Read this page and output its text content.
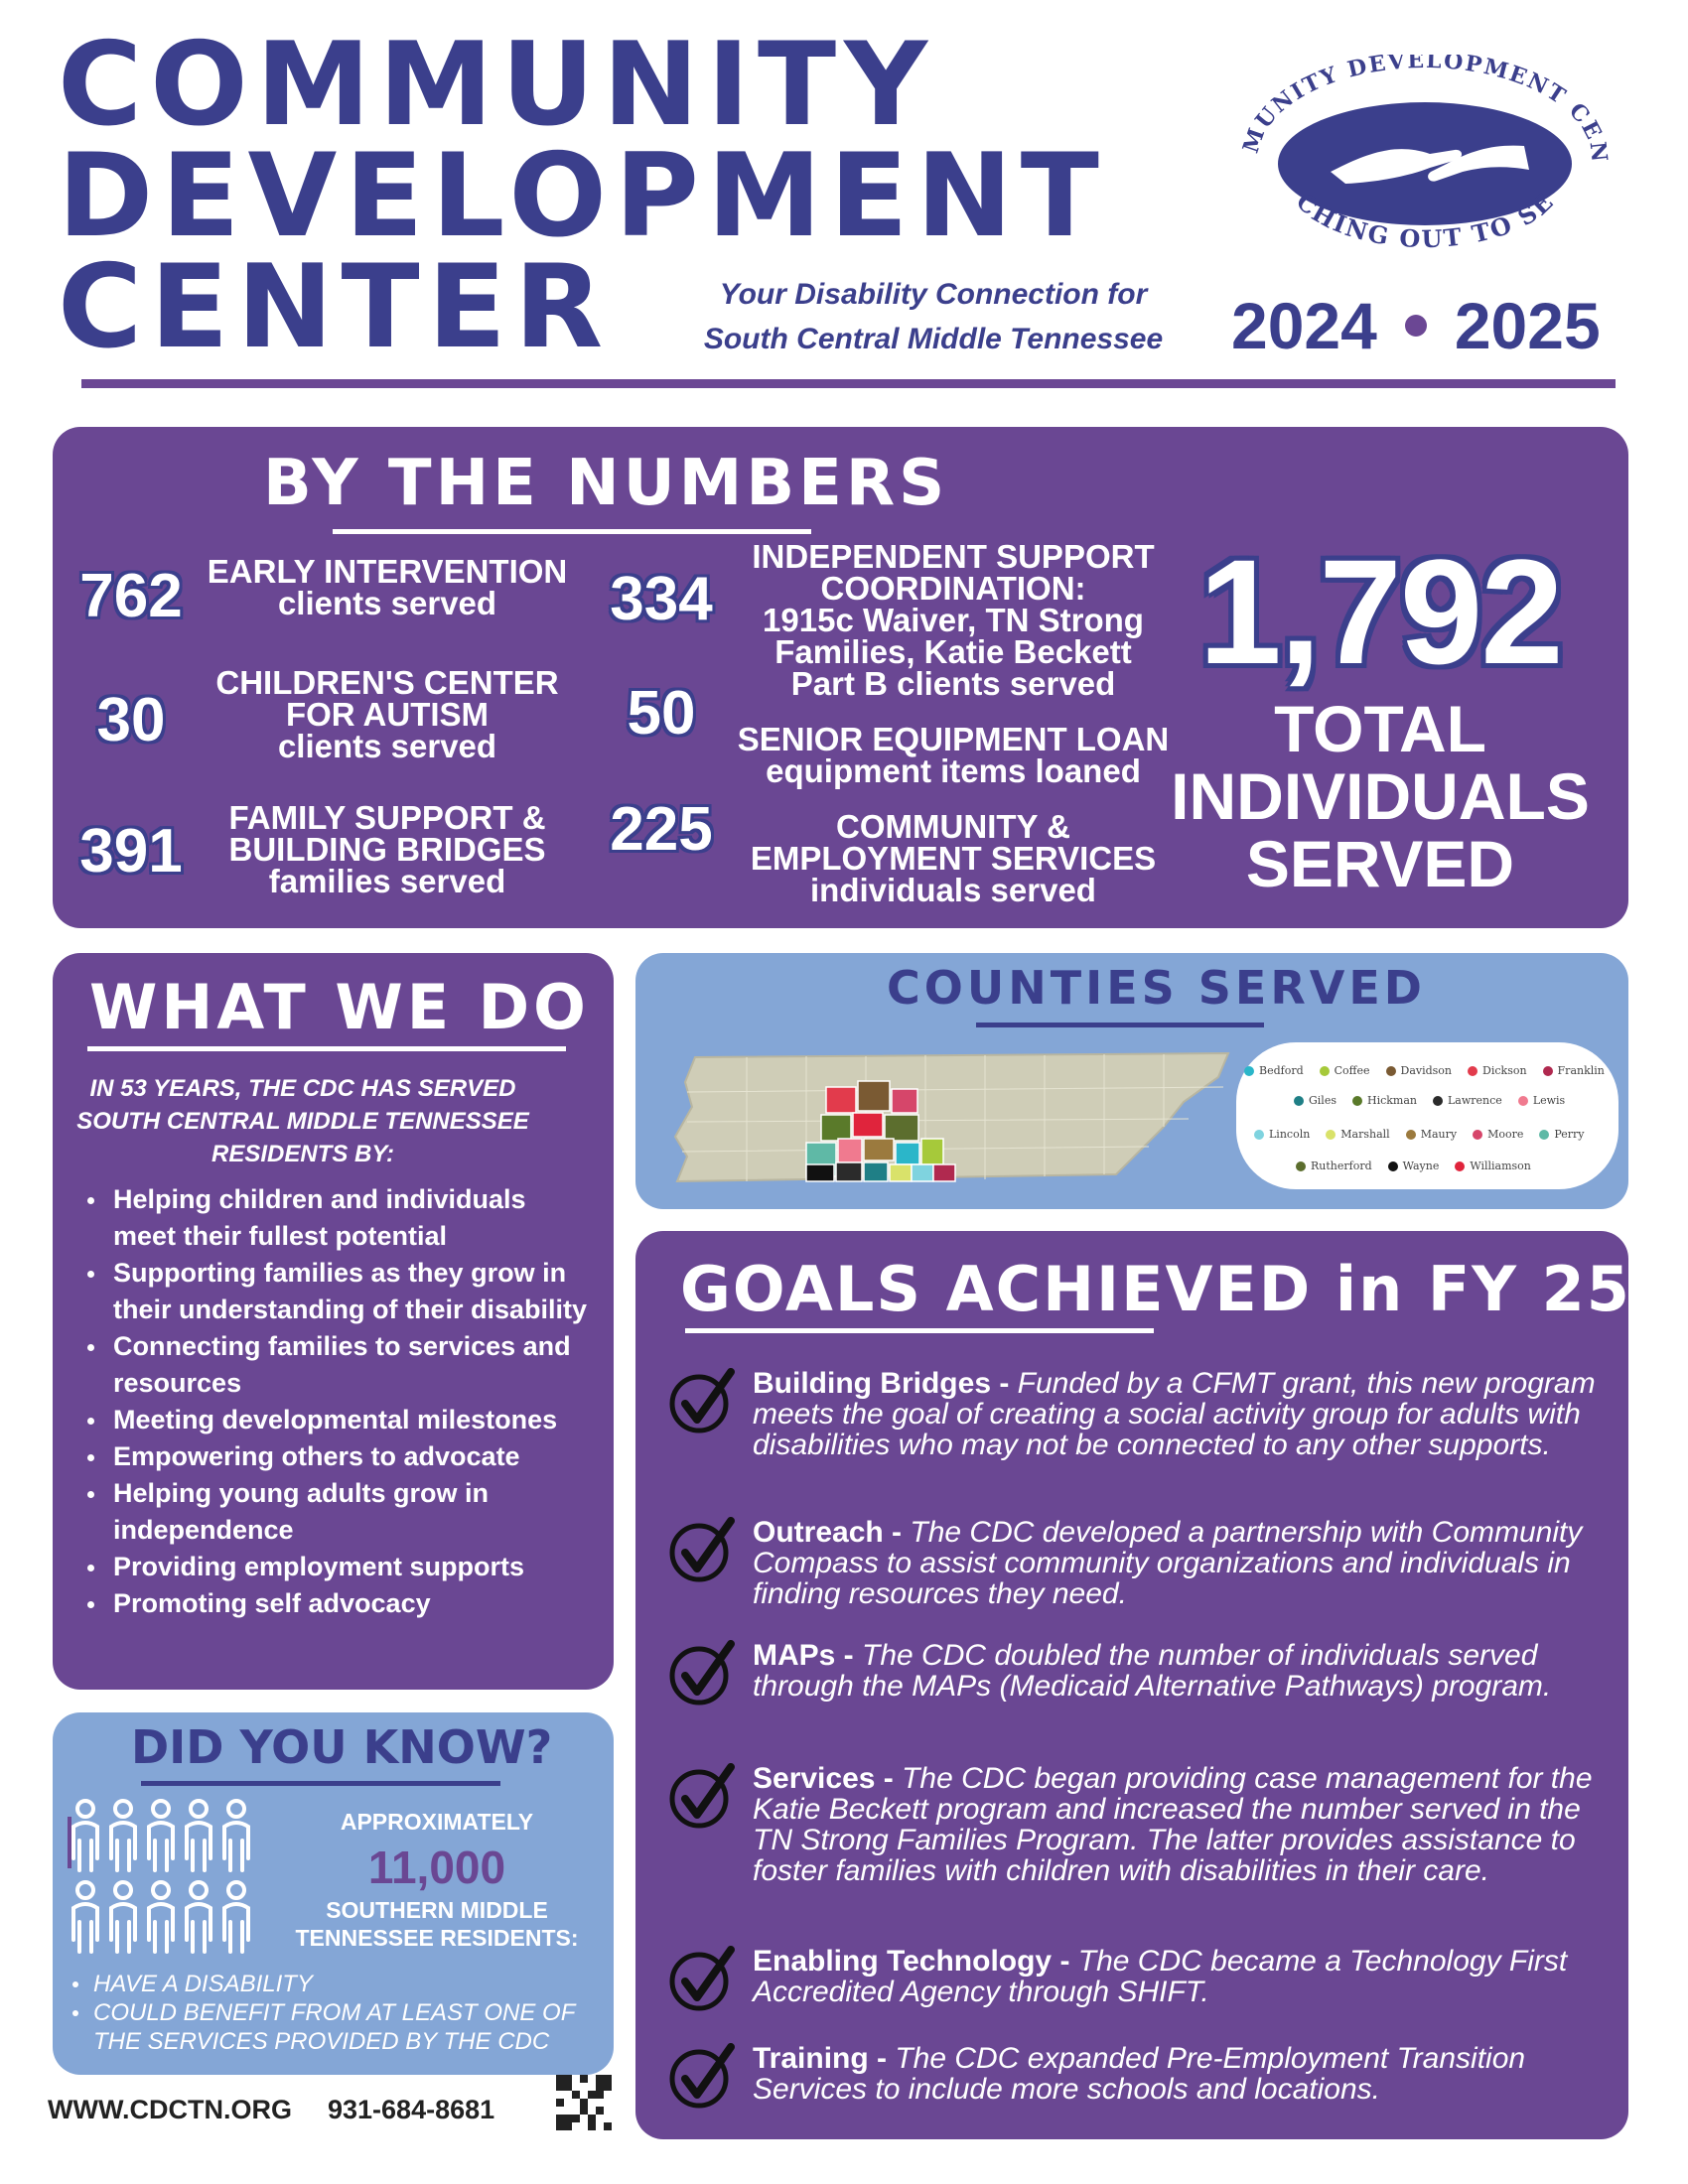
COMMUNITY
DEVELOPMENT
CENTER	Your Disability Connection for
South Central Middle Tennessee
MUNITY DEVELOPMENT CEN
CHING OUT TO SE
2024 2025
BY THE NUMBERS
762 EARLY INTERVENTION
clients served
30
CHILDREN'S CENTER
FOR AUTISM
clients served
391	FAMILY SUPPORT &
BUILDING BRIDGES
families served
334
INDEPENDENT SUPPORT
COORDINATION:
1915c Waiver, TN Strong
Families, Katie Beckett
Part B clients served
50	SENIOR EQUIPMENT LOAN
equipment items loaned
225	COMMUNITY &
EMPLOYMENT SERVICES
individuals served
1,792
TOTAL
INDIVIDUALS
SERVED
WHAT WE DO
IN 53 YEARS, THE CDC HAS SERVED
SOUTH CENTRAL MIDDLE TENNESSEE
RESIDENTS BY:
Helping children and individuals meet their fullest potential
Supporting families as they grow in their understanding of their disability
Connecting families to services and resources
Meeting developmental milestones
Empowering others to advocate
Helping young adults grow in independence
Providing employment supports
Promoting self advocacy
DID YOU KNOW?
APPROXIMATELY
11,000
SOUTHERN MIDDLE
TENNESSEE RESIDENTS:
HAVE A DISABILITY
COULD BENEFIT FROM AT LEAST ONE OF THE SERVICES PROVIDED BY THE CDC
COUNTIES SERVED
Bedford	Coffee	Davidson	Dickson	Franklin
Giles	Hickman	Lawrence	Lewis
Lincoln	Marshall	Maury	Moore	Perry
Rutherford	Wayne	Williamson
GOALS ACHIEVED in FY 25
Building Bridges - Funded by a CFMT grant, this new program meets the goal of creating a social activity group for adults with disabilities who may not be connected to any other supports.
Outreach - The CDC developed a partnership with Community Compass to assist community organizations and individuals in finding resources they need.
MAPs - The CDC doubled the number of individuals served through the MAPs (Medicaid Alternative Pathways) program.
Services - The CDC began providing case management for the Katie Beckett program and increased the number served in the TN Strong Families Program. The latter provides assistance to foster families with children with disabilities in their care.
Enabling Technology - The CDC became a Technology First Accredited Agency through SHIFT.
Training - The CDC expanded Pre-Employment Transition Services to include more schools and locations.
WWW.CDCTN.ORG 931-684-8681
